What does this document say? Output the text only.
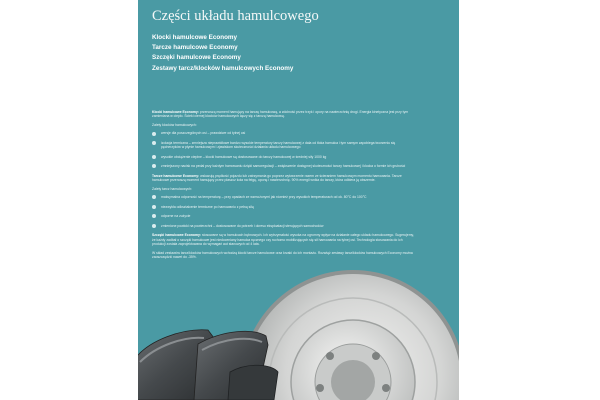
Części układu hamulcowego
Klocki hamulcowe Economy
Tarcze hamulcowe Economy
Szczęki hamulcowe Economy
Zestawy tarcz/klocków hamulcowych Economy

Klocki hamulcowe Economy: przenoszą moment hamujący na tarczę hamulcową, a zdolność przez trzyk i opory na nawierzchnię drogi. Energia kinetyczna jest przy tym zamieniana w ciepło. Ścieki ciernej klocków hamulcowych łączy się z tarczą hamulcową.

Zalety klocków hamulcowych:
wersje dla poszczególnych osi – prawdziwe od tylnej osi
izolacja termiczna – zmniejsza nieprawidłowe bardzo wysokie temperatury tarczy hamulcowej z dala od tłoka hamulca i tym samym zapobiega tworzeniu się pęcherzyków w płynie hamulcowym i zjawiskom skuteczności działania układu hamulcowego
wysokie obciążenie cieplne – klocki hamulcowe są dostosowane do tarczy hamulcowej w średniej siły 1000 kg
zmniejszony nacisk na pedał przy każdym hamowaniu dzięki samoregulacji – zwiększenie dostępnej skuteczności tarczy hamulcowej i klocka o formie ich grubości

Tarcze hamulcowe Economy: wskazują prędkość pojazdu lub zatrzymania go poprzez wytworzenie razem ze ścieraniem hamulcowym momentu hamowania. Tarcze hamulcowe przenoszą moment hamujący przez płaszcz koła na felgę, oponę i nawierzchnię. 90% energii wnika do tarczy, która odbiera ją obszernie.

Zalety tarcz hamulcowych:
maksymalna odporność na temperaturę – przy opadach ze wzmożonymi jak również przy wysokich temperaturach od ok. 80°C do 100°C
niezwykła odkształcenie termiczne po hamowaniu z pełną siłą
odporne na zużycie
zmienione powłoki na powierzchni – dostosowane do potrzeb i okresu eksploatacji sterujących samochodów

Szczęki hamulcowe Economy: stosowane są w hamulcach bębnowych. Ich wytrzymałość wysoka na ogromny wpływ na działanie całego układu hamulcowego. Sugerujemy, że każdy zadbał o szczęki hamulcowe jest niedoceniany hamulca ręcznego czy ruchomo mobilizujących się sił hamowania na tylnej osi. Technologia stosowania do ich produkcji została zaprojektowana do wymagań aut stanowych od 4 lata.

W skład zestawów tarcz/klocków hamulcowych wchodzą klocki tarcze hamulcowe oraz krzaki do ich montażu. Rozwiąż zestawy tarcz/klocków hamulcowych Economy można zaoszczędzić nawet do -35%.
